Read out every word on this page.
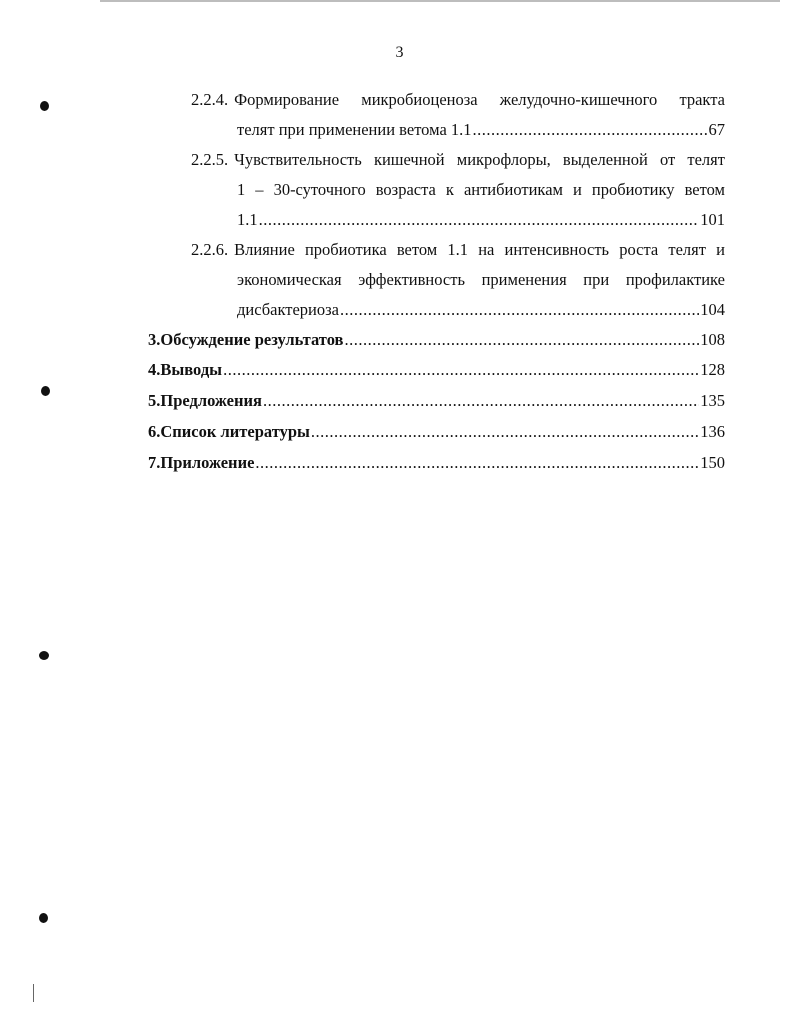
3
2.2.4. Формирование микробиоценоза желудочно-кишечного тракта
телят при применении ветома 1.1 .....	67
2.2.5. Чувствительность кишечной микрофлоры, выделенной от телят
1 – 30-суточного возраста к антибиотикам и пробиотику ветом
1.1 .....	101
2.2.6. Влияние пробиотика ветом 1.1 на интенсивность роста телят и
экономическая эффективность применения при профилактике
дисбактериоза .....	104
3. Обсуждение результатов .....	108
4. Выводы .....	128
5. Предложения .....	135
6. Список литературы .....	136
7. Приложение .....	150
